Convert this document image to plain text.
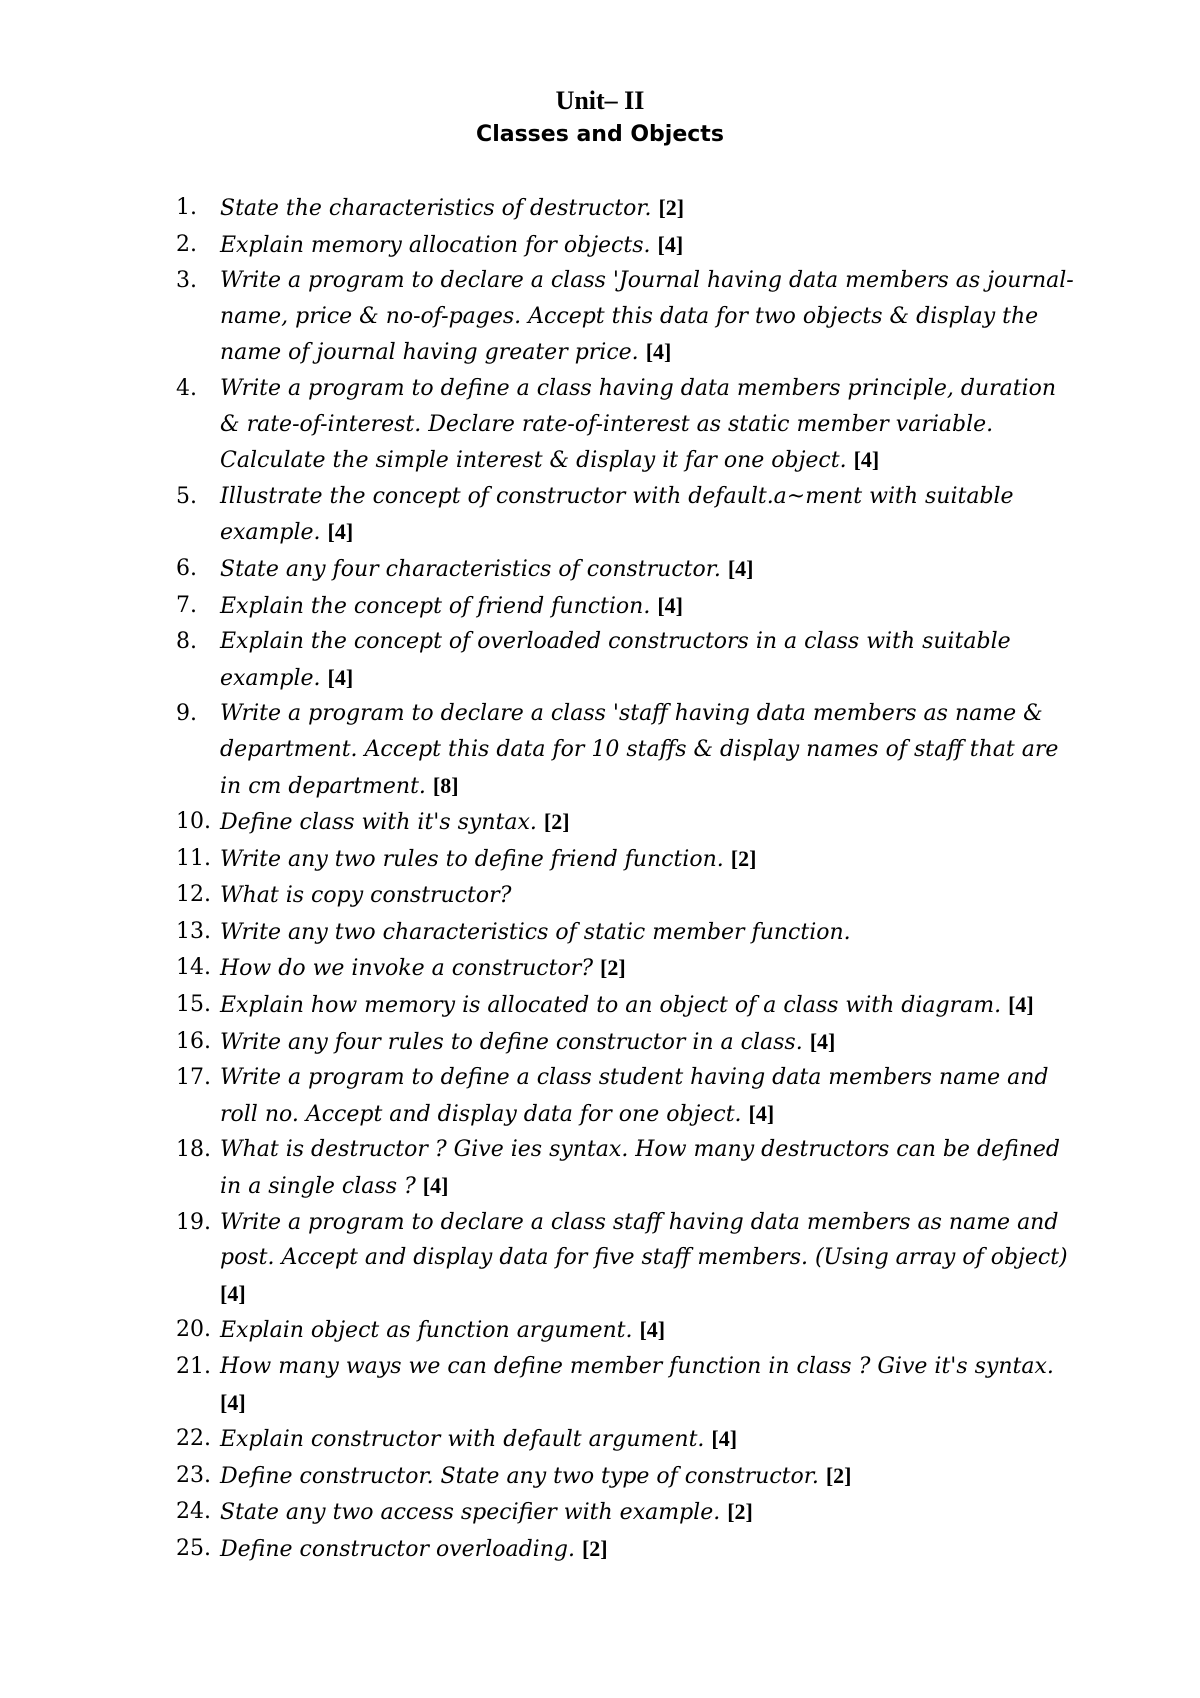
Unit– II
Classes and Objects
1. State the characteristics of destructor. [2]
2. Explain memory allocation for objects. [4]
3. Write a program to declare a class 'Journal having data members as journal-name, price & no-of-pages. Accept this data for two objects & display the name of journal having greater price. [4]
4. Write a program to define a class having data members principle, duration & rate-of-interest. Declare rate-of-interest as static member variable. Calculate the simple interest & display it far one object. [4]
5. Illustrate the concept of constructor with default.a~ment with suitable example. [4]
6. State any four characteristics of constructor. [4]
7. Explain the concept of friend function. [4]
8. Explain the concept of overloaded constructors in a class with suitable example. [4]
9. Write a program to declare a class 'staff having data members as name & department. Accept this data for 10 staffs & display names of staff that are in cm department. [8]
10. Define class with it's syntax. [2]
11. Write any two rules to define friend function. [2]
12. What is copy constructor?
13. Write any two characteristics of static member function.
14. How do we invoke a constructor? [2]
15. Explain how memory is allocated to an object of a class with diagram. [4]
16. Write any four rules to define constructor in a class. [4]
17. Write a program to define a class student having data members name and roll no. Accept and display data for one object. [4]
18. What is destructor ? Give ies syntax. How many destructors can be defined in a single class ? [4]
19. Write a program to declare a class staff having data members as name and post. Accept and display data for five staff members. (Using array of object) [4]
20. Explain object as function argument. [4]
21. How many ways we can define member function in class ? Give it's syntax. [4]
22. Explain constructor with default argument. [4]
23. Define constructor. State any two type of constructor. [2]
24. State any two access specifier with example. [2]
25. Define constructor overloading. [2]
